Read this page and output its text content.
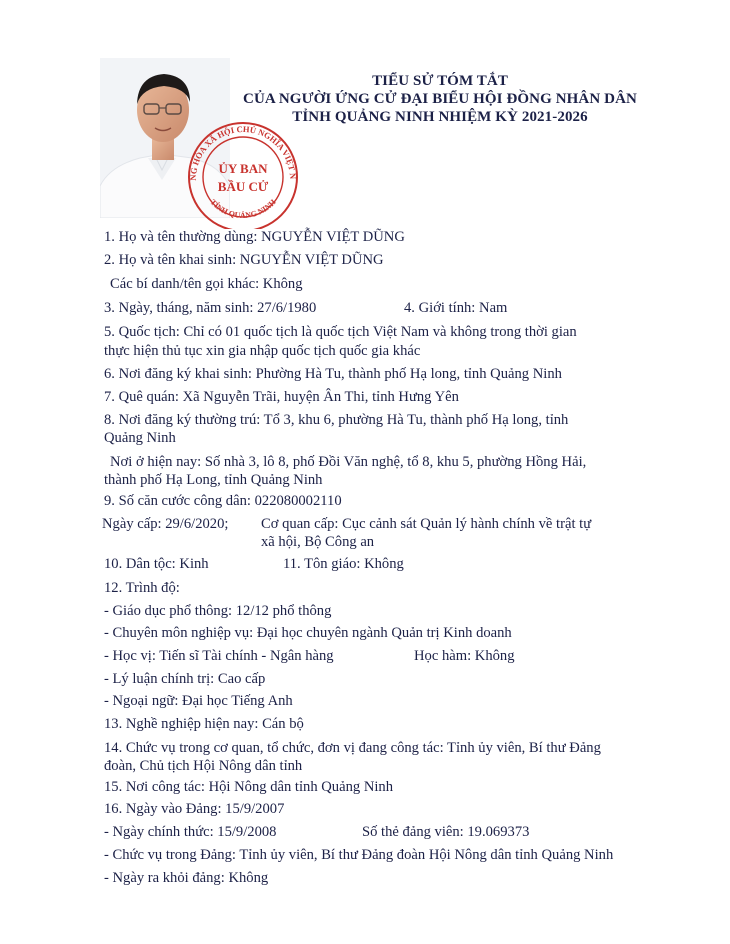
NG HÒA XÃ HỘI CHỦ NGHĨA VIỆT N
TỈNH QUẢNG NINH
ỦY BAN
BẦU CỬ
TIỂU SỬ TÓM TẮT
CỦA NGƯỜI ỨNG CỬ ĐẠI BIỂU HỘI ĐỒNG NHÂN DÂN
TỈNH QUẢNG NINH NHIỆM KỲ 2021-2026
1. Họ và tên thường dùng: NGUYỄN VIỆT DŨNG
2. Họ và tên khai sinh: NGUYỄN VIỆT DŨNG
Các bí danh/tên gọi khác: Không
3. Ngày, tháng, năm sinh: 27/6/1980	4. Giới tính: Nam
5. Quốc tịch: Chỉ có 01 quốc tịch là quốc tịch Việt Nam và không trong thời gian
thực hiện thủ tục xin gia nhập quốc tịch quốc gia khác
6. Nơi đăng ký khai sinh: Phường Hà Tu, thành phố Hạ long, tỉnh Quảng Ninh
7. Quê quán: Xã Nguyễn Trãi, huyện Ân Thi, tỉnh Hưng Yên
8. Nơi đăng ký thường trú: Tổ 3, khu 6, phường Hà Tu, thành phố Hạ long, tỉnh
Quảng Ninh
Nơi ở hiện nay: Số nhà 3, lô 8, phố Đồi Văn nghệ, tổ 8, khu 5, phường Hồng Hải,
thành phố Hạ Long, tỉnh Quảng Ninh
9. Số căn cước công dân: 022080002110
Ngày cấp: 29/6/2020; Cơ quan cấp: Cục cảnh sát Quản lý hành chính về trật tự
xã hội, Bộ Công an
10. Dân tộc: Kinh	11. Tôn giáo: Không
12. Trình độ:
- Giáo dục phổ thông: 12/12 phổ thông
- Chuyên môn nghiệp vụ: Đại học chuyên ngành Quản trị Kinh doanh
- Học vị: Tiến sĩ Tài chính - Ngân hàng	Học hàm: Không
- Lý luận chính trị: Cao cấp
- Ngoại ngữ: Đại học Tiếng Anh
13. Nghề nghiệp hiện nay: Cán bộ
14. Chức vụ trong cơ quan, tổ chức, đơn vị đang công tác: Tỉnh ủy viên, Bí thư Đảng
đoàn, Chủ tịch Hội Nông dân tỉnh
15. Nơi công tác: Hội Nông dân tỉnh Quảng Ninh
16. Ngày vào Đảng: 15/9/2007
- Ngày chính thức: 15/9/2008	Số thẻ đảng viên: 19.069373
- Chức vụ trong Đảng: Tỉnh ủy viên, Bí thư Đảng đoàn Hội Nông dân tỉnh Quảng Ninh
- Ngày ra khỏi đảng: Không
